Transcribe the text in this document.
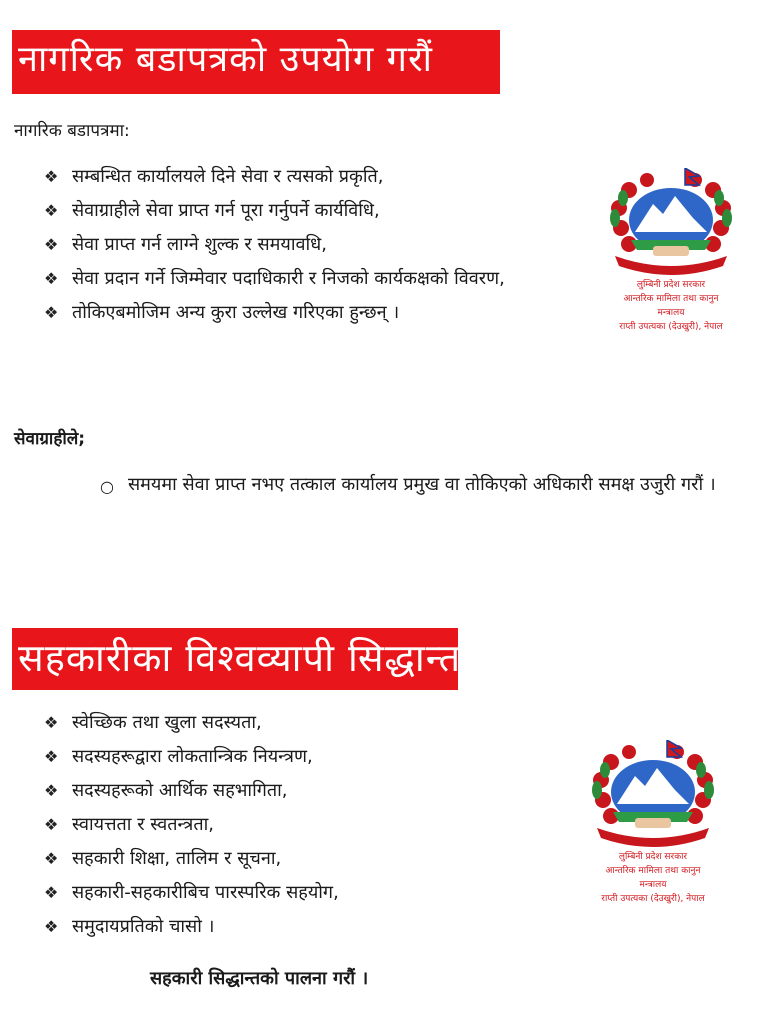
नागरिक बडापत्रको उपयोग गरौं
नागरिक बडापत्रमा:
❖ सम्बन्धित कार्यालयले दिने सेवा र त्यसको प्रकृति,
❖ सेवाग्राहीले सेवा प्राप्त गर्न पूरा गर्नुपर्ने कार्यविधि,
❖ सेवा प्राप्त गर्न लाग्ने शुल्क र समयावधि,
❖ सेवा प्रदान गर्ने जिम्मेवार पदाधिकारी र निजको कार्यकक्षको विवरण,
❖ तोकिएबमोजिम अन्य कुरा उल्लेख गरिएका हुन्छन् ।
लुम्बिनी प्रदेश सरकार
आन्तरिक मामिला तथा कानुन
मन्त्रालय
राप्ती उपत्यका (देउखुरी), नेपाल
सेवाग्राहीले;
○ समयमा सेवा प्राप्त नभए तत्काल कार्यालय प्रमुख वा तोकिएको अधिकारी समक्ष उजुरी गरौं ।
सहकारीका विश्वव्यापी सिद्धान्त
❖ स्वेच्छिक तथा खुला सदस्यता,
❖ सदस्यहरूद्वारा लोकतान्त्रिक नियन्त्रण,
❖ सदस्यहरूको आर्थिक सहभागिता,
❖ स्वायत्तता र स्वतन्त्रता,
❖ सहकारी शिक्षा, तालिम र सूचना,
❖ सहकारी-सहकारीबिच पारस्परिक सहयोग,
❖ समुदायप्रतिको चासो ।
लुम्बिनी प्रदेश सरकार
आन्तरिक मामिला तथा कानुन
मन्त्रालय
राप्ती उपत्यका (देउखुरी), नेपाल
सहकारी सिद्धान्तको पालना गरौं ।
